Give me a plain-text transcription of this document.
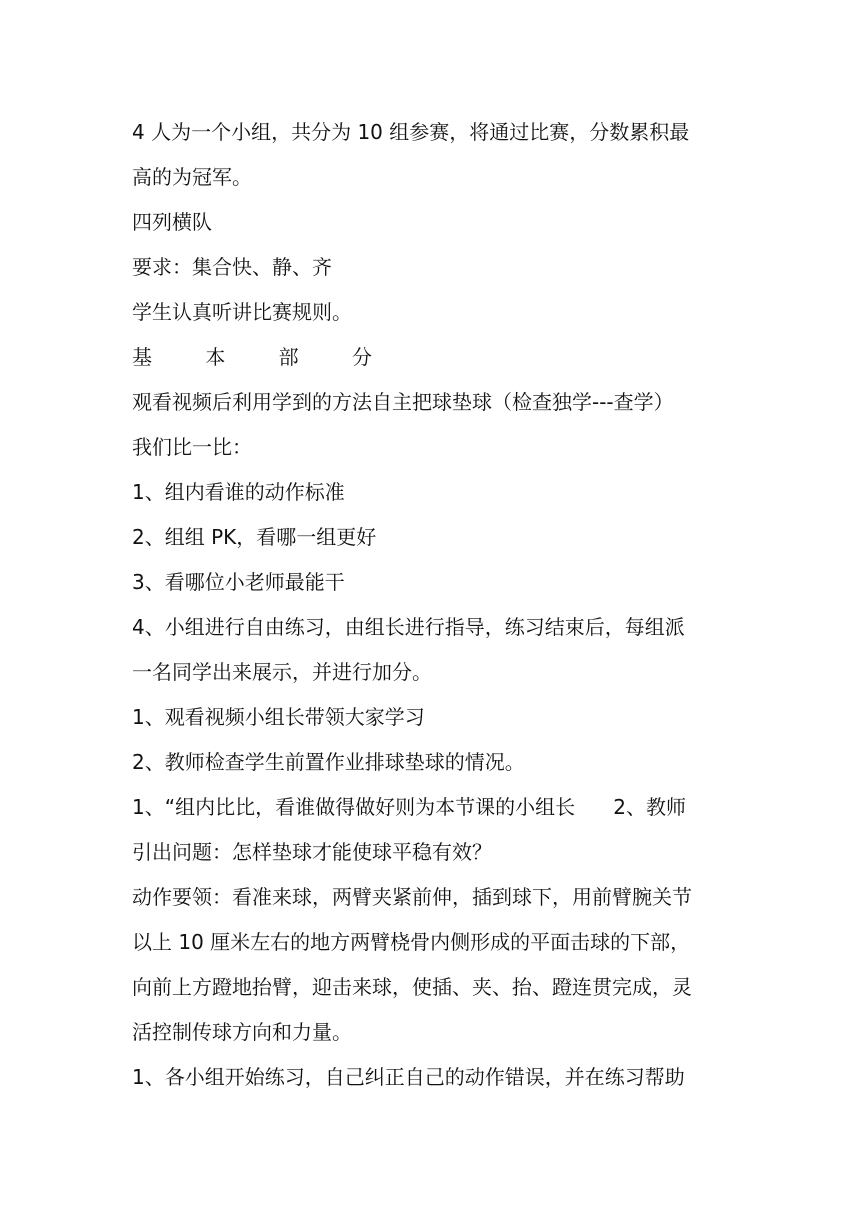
4 人为一个小组，共分为 10 组参赛，将通过比赛，分数累积最

高的为冠军。

四列横队

要求：集合快、静、齐

学生认真听讲比赛规则。

基	本	部	分

观看视频后利用学到的方法自主把球垫球（检查独学---查学）

我们比一比：

1、组内看谁的动作标准

2、组组 PK，看哪一组更好

3、看哪位小老师最能干

4、小组进行自由练习，由组长进行指导，练习结束后，每组派

一名同学出来展示，并进行加分。

1、观看视频小组长带领大家学习

2、教师检查学生前置作业排球垫球的情况。

1、“组内比比，看谁做得做好则为本节课的小组长      2、教师

引出问题：怎样垫球才能使球平稳有效？

动作要领：看准来球，两臂夹紧前伸，插到球下，用前臂腕关节

以上 10 厘米左右的地方两臂桡骨内侧形成的平面击球的下部，

向前上方蹬地抬臂，迎击来球，使插、夹、抬、蹬连贯完成，灵

活控制传球方向和力量。

1、各小组开始练习，自己纠正自己的动作错误，并在练习帮助
